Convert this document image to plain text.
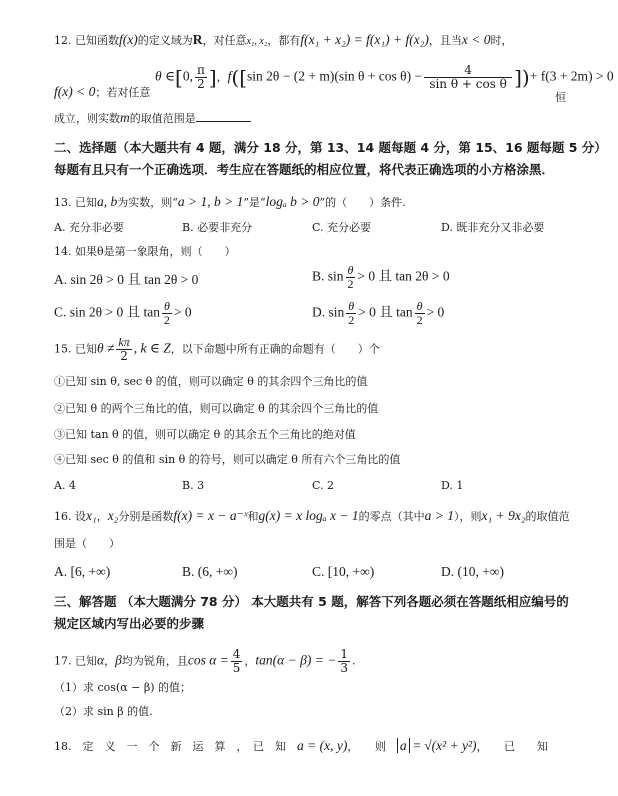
12. 已知函数f(x)的定义域为R，对任意x₁, x₂，都有f(x₁ + x₂) = f(x₁) + f(x₂)，且当x < 0时，
θ ∈[0, $\frac{\pi}{2}$ ]，f([sin 2θ − (2 + m)(sin $\theta + \cos \theta) - \frac{4}{\text{sin θ + cos θ}}$ ])+ f(3 + 2m) > 0
恒
f(x) < 0；若对任意
成立，则实数m的取值范围是
二、选择题（本大题共有 4 题，满分 18 分，第 13、14 题每题 4 分，第 15、16 题每题 5 分）
每题有且只有一个正确选项．考生应在答题纸的相应位置，将代表正确选项的小方格涂黑．
13. 已知a, b为实数，则“a > 1, b > 1”是“logₐ b > 0”的（　　）条件.
A. 充分非必要	B. 必要非充分	C. 充分必要	D. 既非充分又非必要
14. 如果θ是第一象限角，则（　　）
A. sin 2θ > 0 且 tan 2θ > 0	B. $\sin \frac{\theta}{2} > 0$ 且 tan 2θ > 0
C. sin 2θ > 0 且 $\tan \frac{\theta}{2} > 0$	D. $\sin \frac{\theta}{2} > 0$ 且 $\tan \frac{\theta}{2} > 0$
15. 已知$\theta \ne \frac{k\pi}{2}$ , k ∈ Z，以下命题中所有正确的命题有（　　）个
①已知 sin θ, sec θ 的值，则可以确定 θ 的其余四个三角比的值
②已知 θ 的两个三角比的值，则可以确定 θ 的其余四个三角比的值
③已知 tan θ 的值，则可以确定 θ 的其余五个三角比的绝对值
④已知 sec θ 的值和 sin θ 的符号，则可以确定 θ 所有六个三角比的值
A. 4	B. 3	C. 2	D. 1
16. 设x₁，x₂分别是函数f(x) = x − a⁻ˣ和g(x) = x logₐ x − 1的零点（其中a > 1），则x₁ + 9x₂的取值范
围是（　　）
A. [6, +∞)	B. (6, +∞)	C. [10, +∞)	D. (10, +∞)
三、解答题 （本大题满分 78 分） 本大题共有 5 题，解答下列各题必须在答题纸相应编号的
规定区域内写出必要的步骤
17. 已知α，β均为锐角，且$\cos \alpha = \frac{4}{5}$ ，tan(α − β) = − $\frac{1}{3}$ .
（1）求 cos(α − β) 的值；
（2）求 sin β 的值.
18.　定　义　一　个　新　运　算　，　已　知　 a = (x, y)，　　则　 a = √(x² + y²)，　　已　　知
